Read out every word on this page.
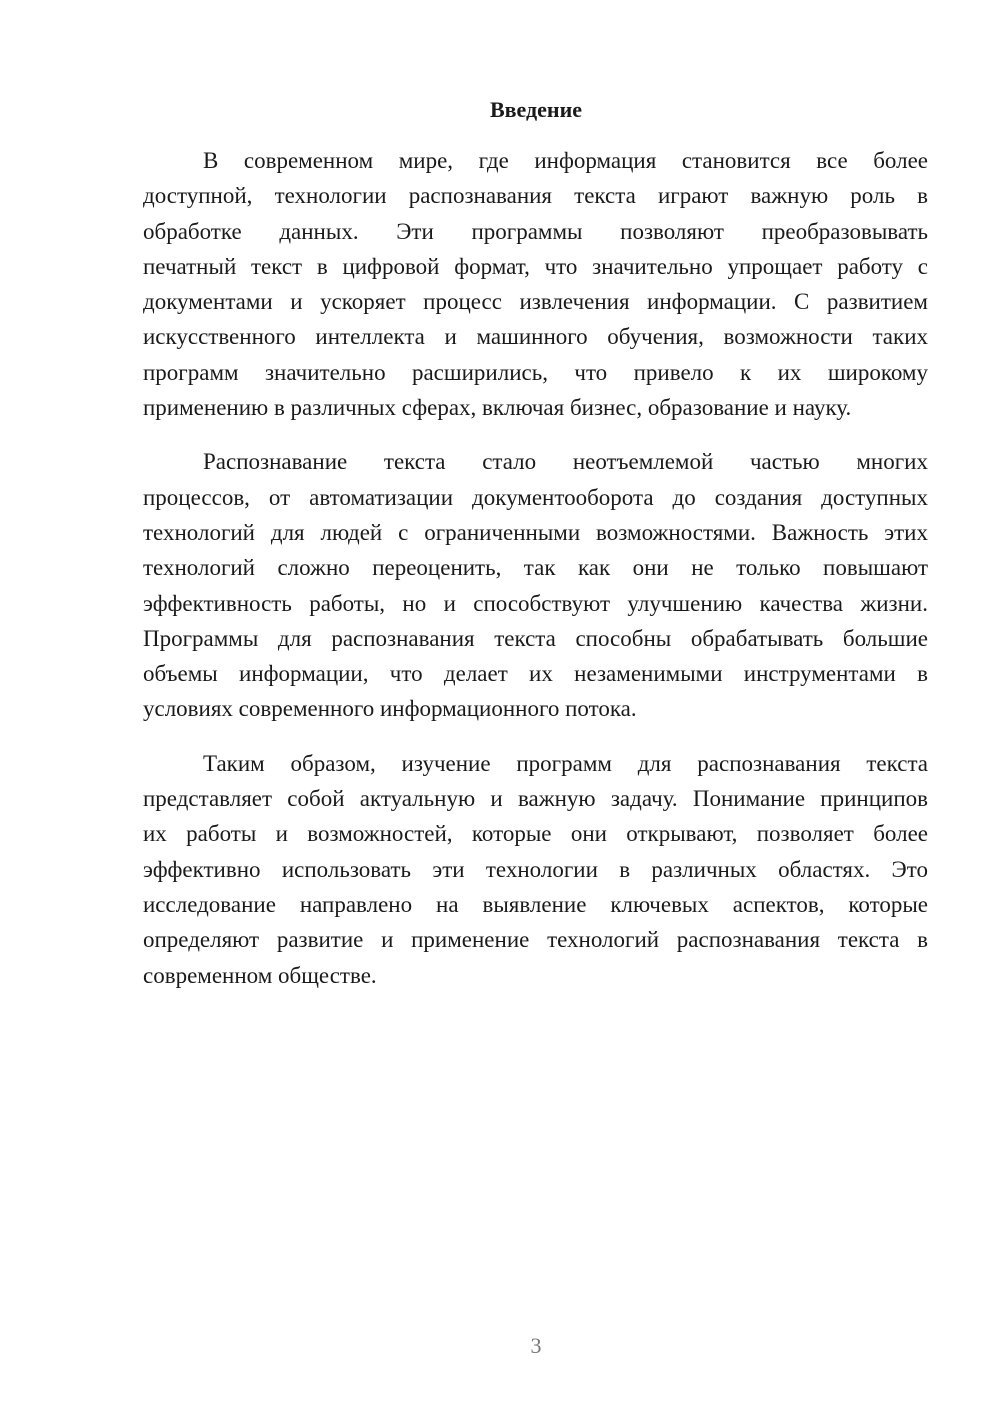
Введение
В современном мире, где информация становится все более
доступной, технологии распознавания текста играют важную роль в
обработке данных. Эти программы позволяют преобразовывать
печатный текст в цифровой формат, что значительно упрощает работу с
документами и ускоряет процесс извлечения информации. С развитием
искусственного интеллекта и машинного обучения, возможности таких
программ значительно расширились, что привело к их широкому
применению в различных сферах, включая бизнес, образование и науку.
Распознавание текста стало неотъемлемой частью многих
процессов, от автоматизации документооборота до создания доступных
технологий для людей с ограниченными возможностями. Важность этих
технологий сложно переоценить, так как они не только повышают
эффективность работы, но и способствуют улучшению качества жизни.
Программы для распознавания текста способны обрабатывать большие
объемы информации, что делает их незаменимыми инструментами в
условиях современного информационного потока.
Таким образом, изучение программ для распознавания текста
представляет собой актуальную и важную задачу. Понимание принципов
их работы и возможностей, которые они открывают, позволяет более
эффективно использовать эти технологии в различных областях. Это
исследование направлено на выявление ключевых аспектов, которые
определяют развитие и применение технологий распознавания текста в
современном обществе.
3
